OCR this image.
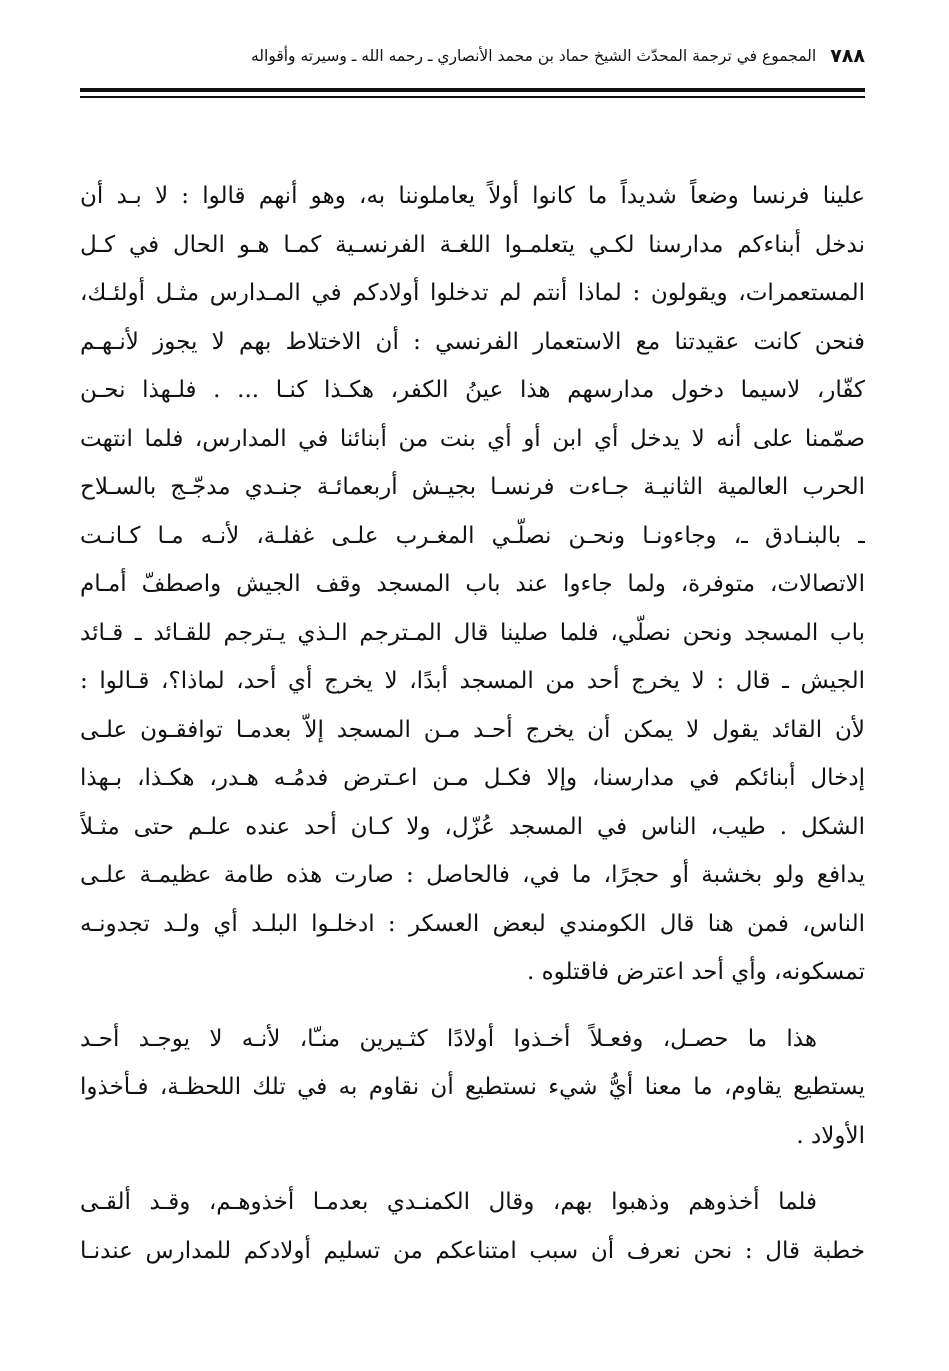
٧٨٨
المجموع في ترجمة المحدّث الشيخ حماد بن محمد الأنصاري ـ رحمه الله ـ وسيرته وأقواله
علينا فرنسا وضعاً شديداً ما كانوا أولاً يعاملوننا به، وهو أنهم قالوا : لا بـد أن
ندخل أبناءكم مدارسنا لكـي يتعلمـوا اللغـة الفرنسـية كمـا هـو الحال في كـل
المستعمرات، ويقولون : لماذا أنتم لم تدخلوا أولادكم في المـدارس مثـل أولئـك،
فنحن كانت عقيدتنا مع الاستعمار الفرنسي : أن الاختلاط بهم لا يجوز لأنـهـم
كفّار، لاسيما دخول مدارسهم هذا عينُ الكفر، هكـذا كنـا ... . فلـهذا نحـن
صمّمنا على أنه لا يدخل أي ابن أو أي بنت من أبنائنا في المدارس، فلما انتهت
الحرب العالمية الثانيـة جـاءت فرنسـا بجيـش أربعمائـة جنـدي مدجّـج بالسـلاح
ـ بالبنـادق ـ، وجاءونـا ونحـن نصلّـي المغـرب علـى غفلـة، لأنـه مـا كـانـت
الاتصالات، متوفرة، ولما جاءوا عند باب المسجد وقف الجيش واصطفّ أمـام
باب المسجد ونحن نصلّي، فلما صلينا قال المـترجم الـذي يـترجم للقـائد ـ قـائد
الجيش ـ قال : لا يخرج أحد من المسجد أبدًا، لا يخرج أي أحد، لماذا؟، قـالوا :
لأن القائد يقول لا يمكن أن يخرج أحـد مـن المسجد إلاّ بعدمـا توافقـون علـى
إدخال أبنائكم في مدارسنا، وإلا فكـل مـن اعـترض فدمُـه هـدر، هكـذا، بـهذا
الشكل . طيب، الناس في المسجد عُزّل، ولا كـان أحد عنده علـم حتى مثـلاً
يدافع ولو بخشبة أو حجرًا، ما في، فالحاصل : صارت هذه طامة عظيمـة علـى
الناس، فمن هنا قال الكومندي لبعض العسكر : ادخلـوا البلـد أي ولـد تجدونـه
تمسكونه، وأي أحد اعترض فاقتلوه .
هذا ما حصـل، وفعـلاً أخـذوا أولادًا كثـيرين منـّا، لأنـه لا يوجـد أحـد
يستطيع يقاوم، ما معنا أيُّ شيء نستطيع أن نقاوم به في تلك اللحظـة، فـأخذوا
الأولاد .
فلما أخذوهم وذهبوا بهم، وقال الكمنـدي بعدمـا أخذوهـم، وقـد ألقـى
خطبة قال : نحن نعرف أن سبب امتناعكم من تسليم أولادكم للمدارس عندنـا
